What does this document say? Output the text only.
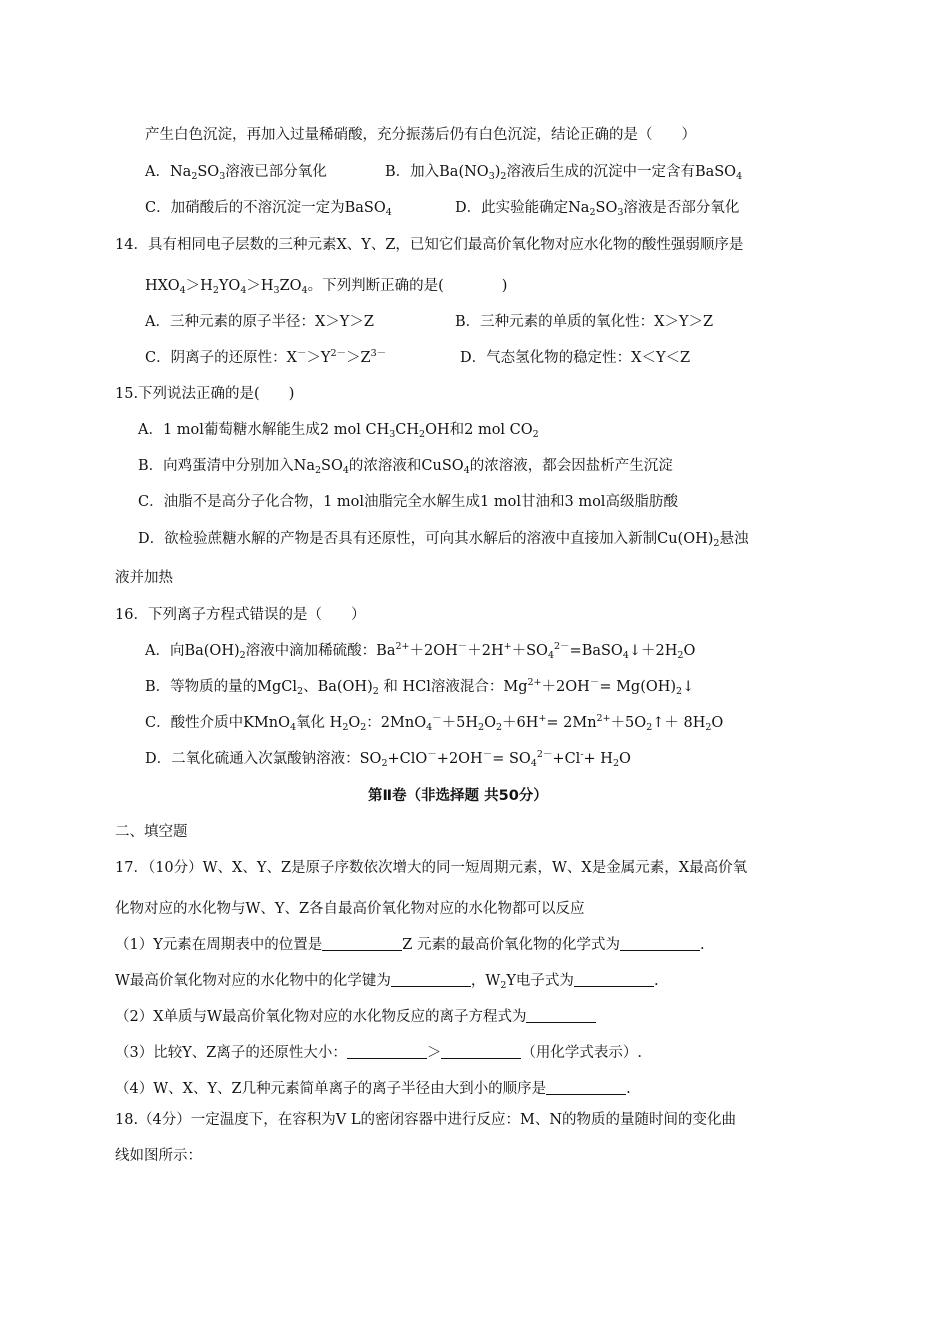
产生白色沉淀，再加入过量稀硝酸，充分振荡后仍有白色沉淀，结论正确的是（　　）
A．$Na_2SO_3$溶液已部分氧化	B．加入$Ba(NO_3)_2$溶液后生成的沉淀中一定含有BaSO$_4$
C．加硝酸后的不溶沉淀一定为BaSO$_4$	D．此实验能确定$Na_2SO_3$溶液是否部分氧化
14．具有相同电子层数的三种元素X、Y、Z，已知它们最高价氧化物对应水化物的酸性强弱顺序是
$HXO_4>H_2YO_4>H_3ZO_4$。下列判断正确的是(　　　　)
A．三种元素的原子半径：X＞Y＞Z	B．三种元素的单质的氧化性：X＞Y＞Z
C．阴离子的还原性：$X^->Y^{2-}>Z^{3-}$	D．气态氢化物的稳定性：X＜Y＜Z
15.下列说法正确的是(　　)
A．1 mol葡萄糖水解能生成2 mol $CH_3CH_2OH$和2 mol $CO_2$
B．向鸡蛋清中分别加入$Na_2SO_4$的浓溶液和CuSO$_4$的浓溶液，都会因盐析产生沉淀
C．油脂不是高分子化合物，1 mol油脂完全水解生成1 mol甘油和3 mol高级脂肪酸
D．欲检验蔗糖水解的产物是否具有还原性，可向其水解后的溶液中直接加入新制$Cu(OH)_2$悬浊
液并加热
16．下列离子方程式错误的是（　　）
A．向$Ba(OH)_2$溶液中滴加稀硫酸：$Ba^{2+}+2OH^-+2H^++SO_4^{2-}=BaSO_4↓+2H_2O$
B．等物质的量的MgCl$_2$、$Ba(OH)_2$ 和 HCl溶液混合：$Mg^{2+}+2OH^-=$ $Mg(OH)_2↓$
C．酸性介质中KMnO$_4$氧化 $H_2O_2$：$2MnO_4^-+5H_2O_2+6H^+=$ $2Mn^{2+}+5O_2↑+ 8H_2O$
D．二氧化硫通入次氯酸钠溶液：$SO_2+ClO^-+2OH^-= SO_4^{2-}+Cl^-+ H_2O$
第Ⅱ卷（非选择题 共50分）
二、填空题
17．（10分）W、X、Y、Z是原子序数依次增大的同一短周期元素，W、X是金属元素，X最高价氧
化物对应的水化物与W、Y、Z各自最高价氧化物对应的水化物都可以反应
（1）Y元素在周期表中的位置是	Z 元素的最高价氧化物的化学式为	.
W最高价氧化物对应的水化物中的化学键为	，$W_2Y$电子式为	.
（2）X单质与W最高价氧化物对应的水化物反应的离子方程式为
（3）比较Y、Z离子的还原性大小：	＞	（用化学式表示）.
（4）W、X、Y、Z几种元素简单离子的离子半径由大到小的顺序是	.
18.（4分）一定温度下，在容积为V L的密闭容器中进行反应：M、N的物质的量随时间的变化曲
线如图所示：
